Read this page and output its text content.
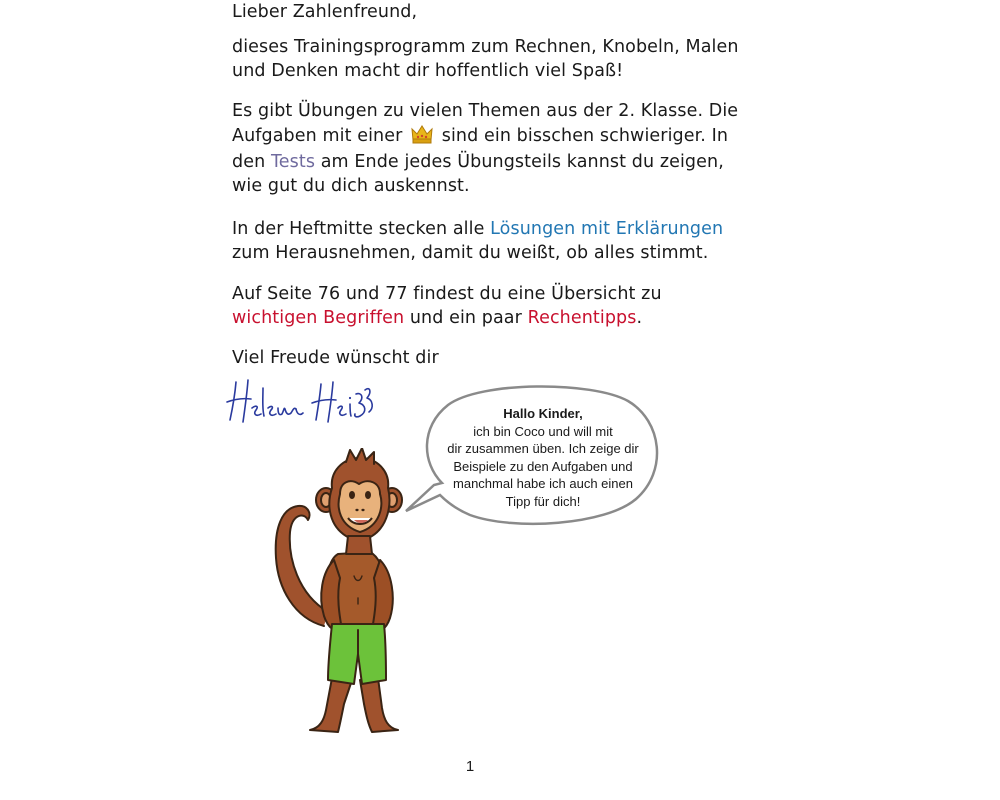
Lieber Zahlenfreund,

dieses Trainingsprogramm zum Rechnen, Knobeln, Malen und Denken macht dir hoffentlich viel Spaß!

Es gibt Übungen zu vielen Themen aus der 2. Klasse. Die Aufgaben mit einer sind ein bisschen schwieriger. In den Tests am Ende jedes Übungsteils kannst du zeigen, wie gut du dich auskennst.

In der Heftmitte stecken alle Lösungen mit Erklärungen zum Herausnehmen, damit du weißt, ob alles stimmt.

Auf Seite 76 und 77 findest du eine Übersicht zu wichtigen Begriffen und ein paar Rechentipps.

Viel Freude wünscht dir

Hallo Kinder,
ich bin Coco und will mit
dir zusammen üben. Ich zeige dir
Beispiele zu den Aufgaben und
manchmal habe ich auch einen
Tipp für dich!
1
